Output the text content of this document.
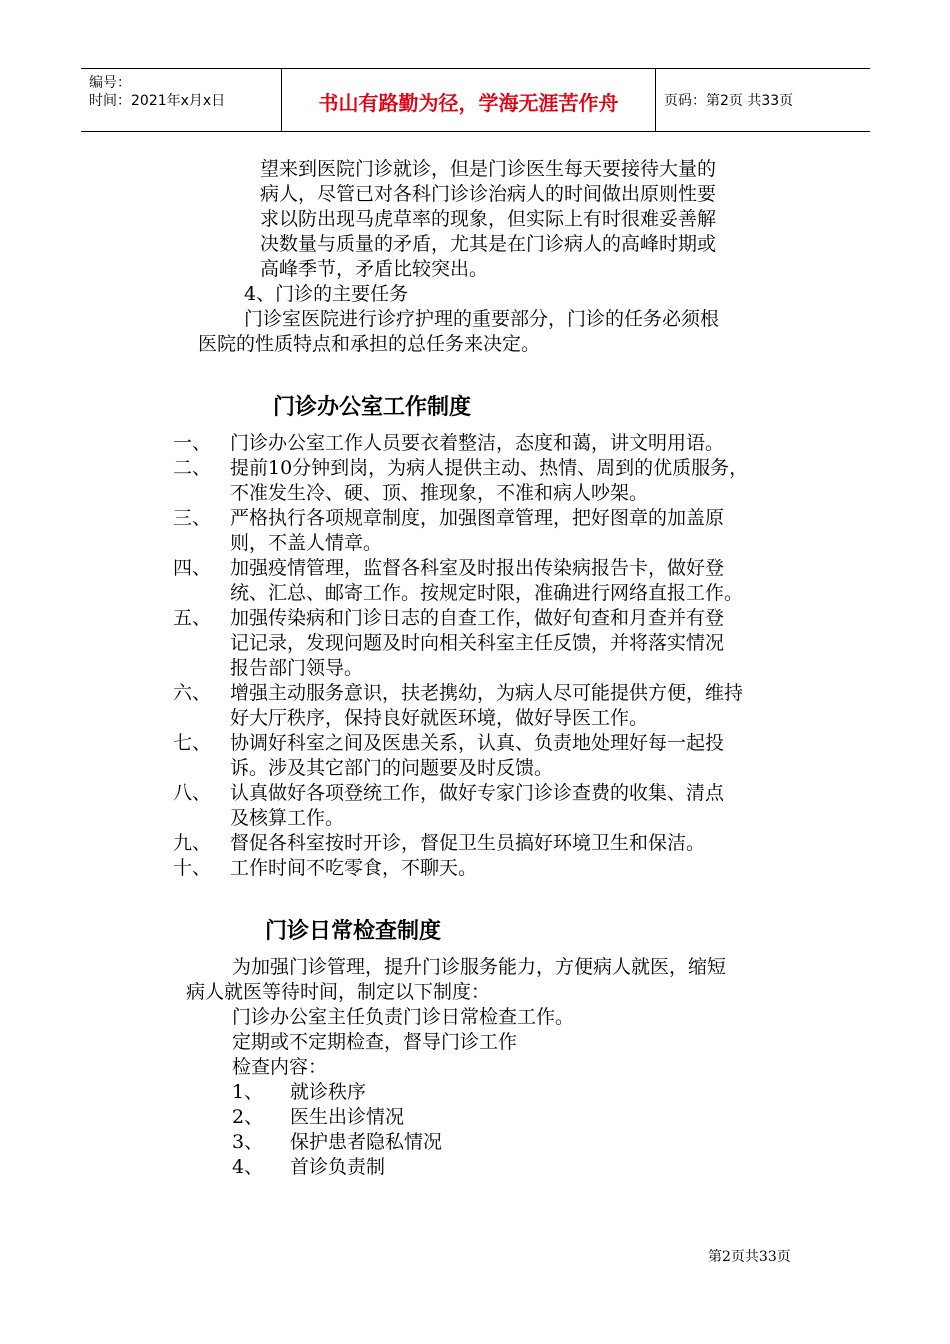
编号：
时间：2021年x月x日	书山有路勤为径，学海无涯苦作舟	页码：第2页 共33页
望来到医院门诊就诊，但是门诊医生每天要接待大量的
病人，尽管已对各科门诊诊治病人的时间做出原则性要
求以防出现马虎草率的现象，但实际上有时很难妥善解
决数量与质量的矛盾，尤其是在门诊病人的高峰时期或
高峰季节，矛盾比较突出。
4、门诊的主要任务
门诊室医院进行诊疗护理的重要部分，门诊的任务必须根
医院的性质特点和承担的总任务来决定。
门诊办公室工作制度
一、 门诊办公室工作人员要衣着整洁，态度和蔼，讲文明用语。
二、 提前10分钟到岗，为病人提供主动、热情、周到的优质服务，
不准发生冷、硬、顶、推现象，不准和病人吵架。
三、 严格执行各项规章制度，加强图章管理，把好图章的加盖原
则，不盖人情章。
四、 加强疫情管理，监督各科室及时报出传染病报告卡，做好登
统、汇总、邮寄工作。按规定时限，准确进行网络直报工作。
五、 加强传染病和门诊日志的自查工作，做好旬查和月查并有登
记记录，发现问题及时向相关科室主任反馈，并将落实情况
报告部门领导。
六、 增强主动服务意识，扶老携幼，为病人尽可能提供方便，维持
好大厅秩序，保持良好就医环境，做好导医工作。
七、 协调好科室之间及医患关系，认真、负责地处理好每一起投
诉。涉及其它部门的问题要及时反馈。
八、 认真做好各项登统工作，做好专家门诊诊查费的收集、清点
及核算工作。
九、 督促各科室按时开诊，督促卫生员搞好环境卫生和保洁。
十、 工作时间不吃零食，不聊天。
门诊日常检查制度
为加强门诊管理，提升门诊服务能力，方便病人就医，缩短
病人就医等待时间，制定以下制度：
门诊办公室主任负责门诊日常检查工作。
定期或不定期检查，督导门诊工作
检查内容：
1、 就诊秩序
2、 医生出诊情况
3、 保护患者隐私情况
4、 首诊负责制
第2页共33页
